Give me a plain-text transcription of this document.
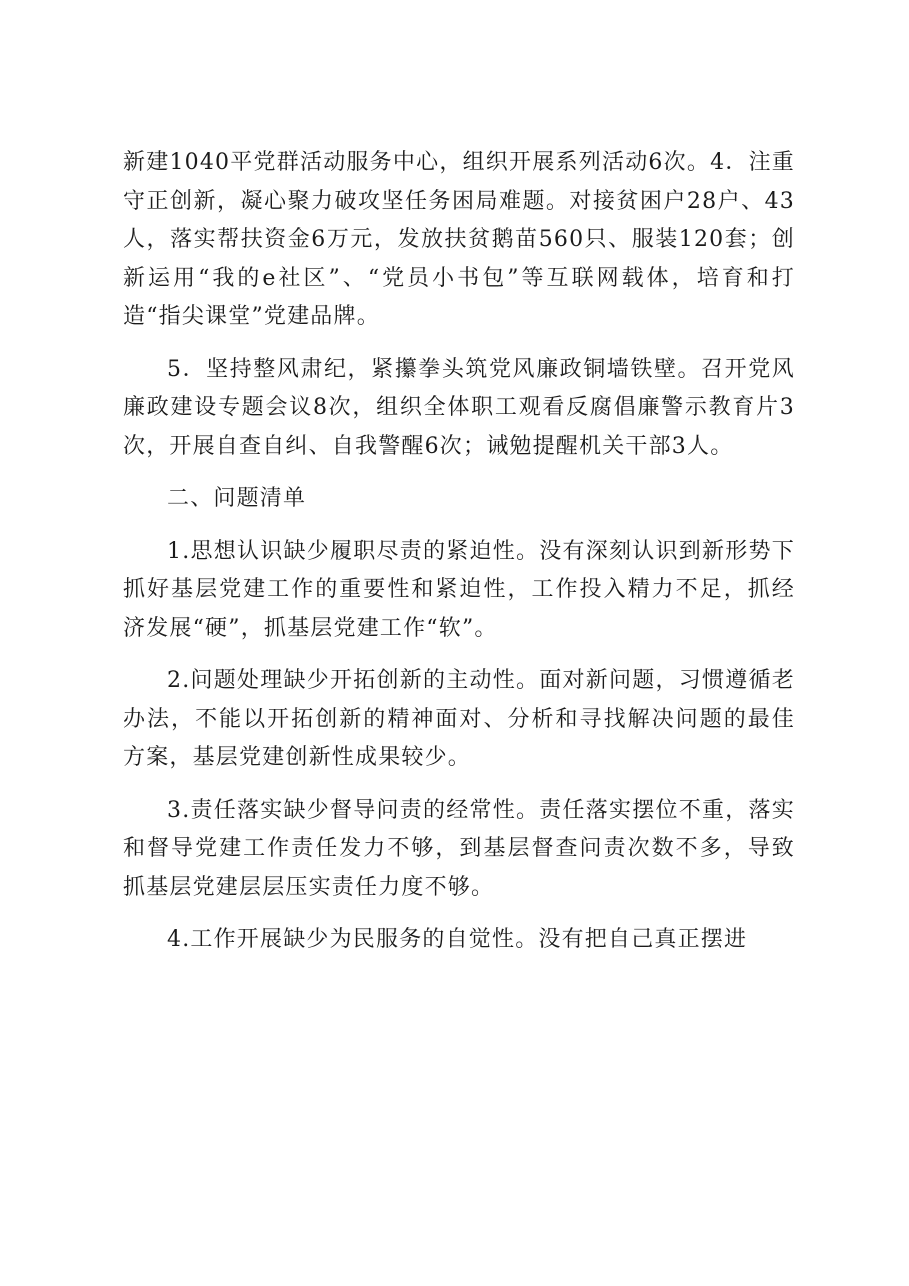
新建1040平党群活动服务中心，组织开展系列活动6次。4．注重守正创新，凝心聚力破攻坚任务困局难题。对接贫困户28户、43人，落实帮扶资金6万元，发放扶贫鹅苗560只、服装120套；创新运用“我的e社区”、“党员小书包”等互联网载体，培育和打造“指尖课堂”党建品牌。

5．坚持整风肃纪，紧攥拳头筑党风廉政铜墙铁壁。召开党风廉政建设专题会议8次，组织全体职工观看反腐倡廉警示教育片3次，开展自查自纠、自我警醒6次；诫勉提醒机关干部3人。

二、问题清单

1.思想认识缺少履职尽责的紧迫性。没有深刻认识到新形势下抓好基层党建工作的重要性和紧迫性，工作投入精力不足，抓经济发展“硬”，抓基层党建工作“软”。

2.问题处理缺少开拓创新的主动性。面对新问题，习惯遵循老办法，不能以开拓创新的精神面对、分析和寻找解决问题的最佳方案，基层党建创新性成果较少。

3.责任落实缺少督导问责的经常性。责任落实摆位不重，落实和督导党建工作责任发力不够，到基层督查问责次数不多，导致抓基层党建层层压实责任力度不够。

4.工作开展缺少为民服务的自觉性。没有把自己真正摆进
